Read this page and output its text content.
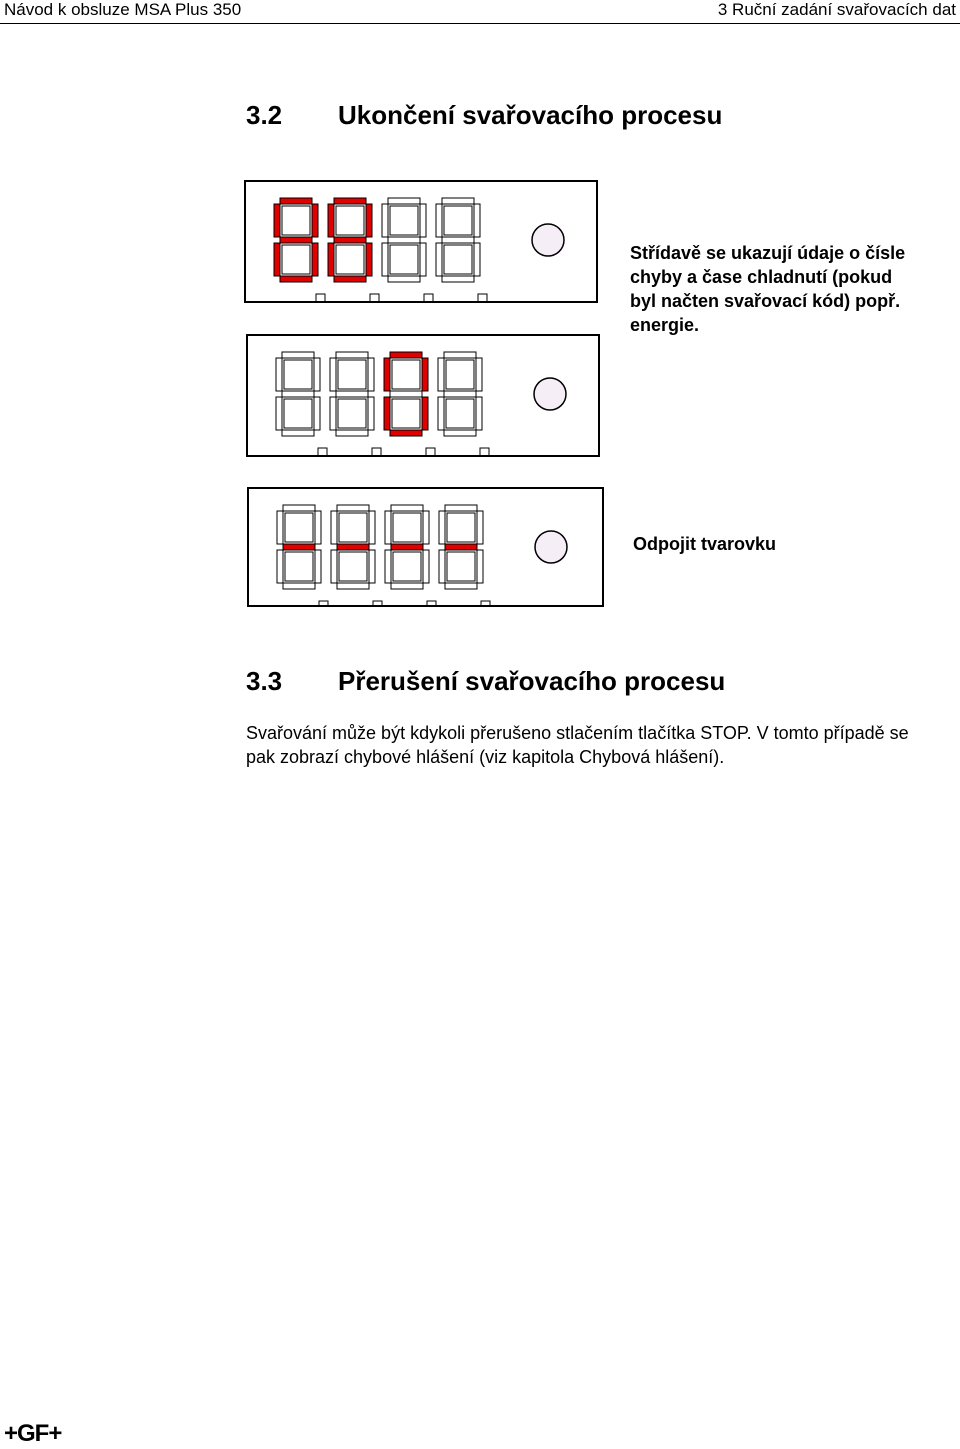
Návod k obsluze MSA Plus 350	3 Ruční zadání svařovacích dat
3.2 Ukončení svařovacího procesu
Střídavě se ukazují údaje o čísle chyby a čase chladnutí (pokud byl načten svařovací kód) popř. energie.
Odpojit tvarovku
3.3 Přerušení svařovacího procesu
Svařování může být kdykoli přerušeno stlačením tlačítka STOP. V tomto případě se pak zobrazí chybové hlášení (viz kapitola Chybová hlášení).
+GF+
